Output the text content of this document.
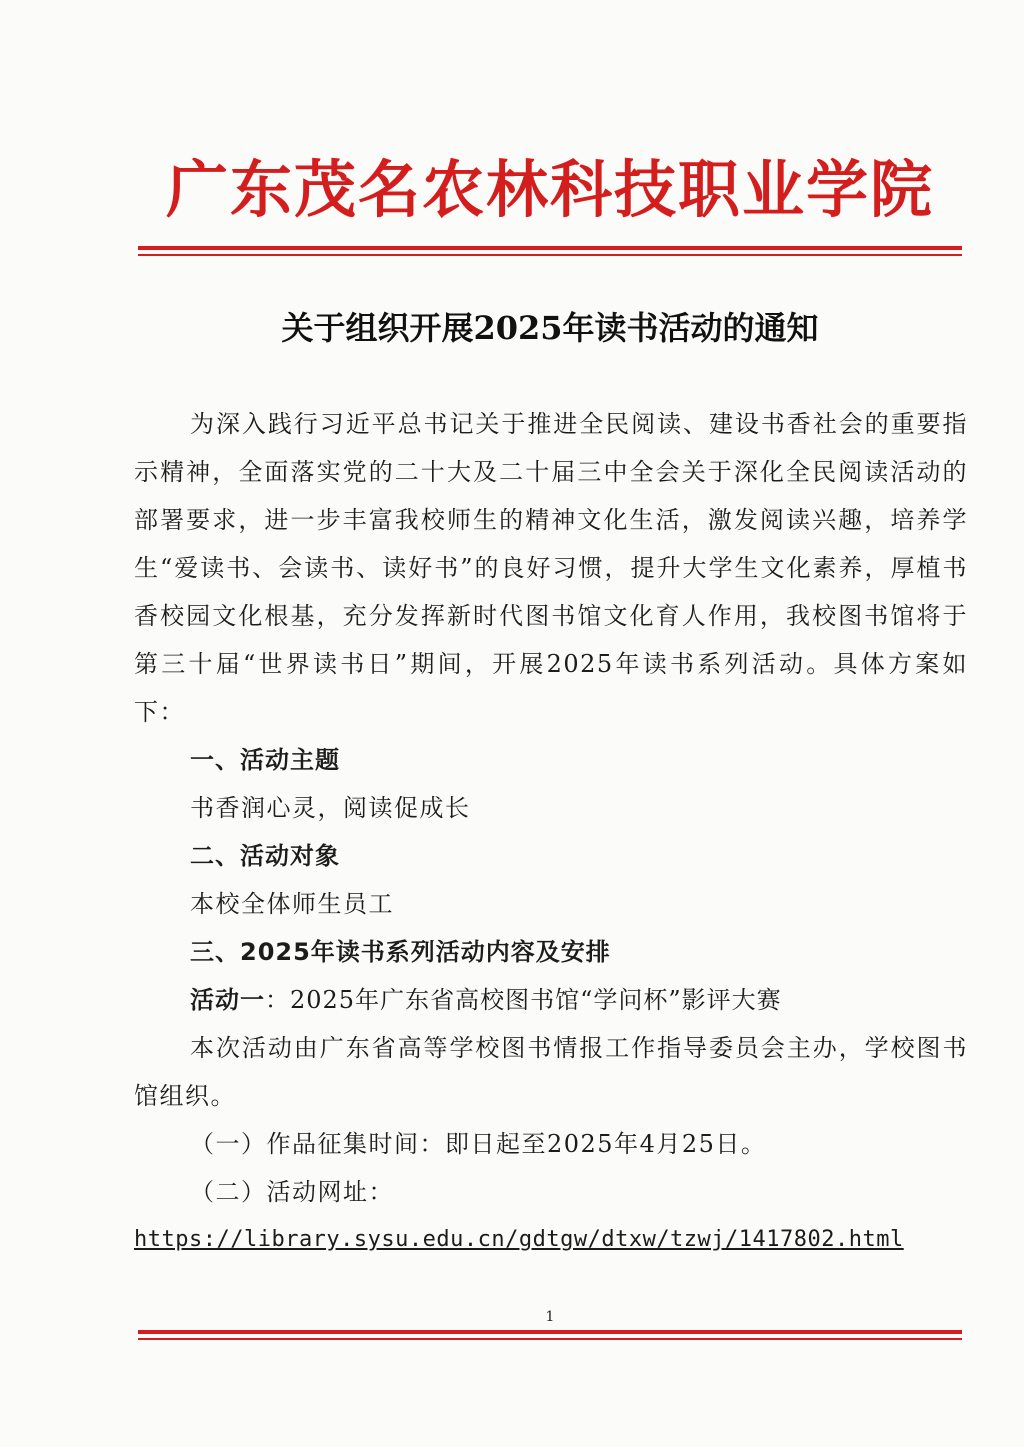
广东茂名农林科技职业学院
关于组织开展2025年读书活动的通知

为深入践行习近平总书记关于推进全民阅读、建设书香社会的重要指示精神，全面落实党的二十大及二十届三中全会关于深化全民阅读活动的部署要求，进一步丰富我校师生的精神文化生活，激发阅读兴趣，培养学生“爱读书、会读书、读好书”的良好习惯，提升大学生文化素养，厚植书香校园文化根基，充分发挥新时代图书馆文化育人作用，我校图书馆将于第三十届“世界读书日”期间，开展2025年读书系列活动。具体方案如下：

一、活动主题

书香润心灵，阅读促成长

二、活动对象

本校全体师生员工

三、2025年读书系列活动内容及安排

活动一：2025年广东省高校图书馆“学问杯”影评大赛

本次活动由广东省高等学校图书情报工作指导委员会主办，学校图书馆组织。

（一）作品征集时间：即日起至2025年4月25日。

（二）活动网址：

https://library.sysu.edu.cn/gdtgw/dtxw/tzwj/1417802.html

1
